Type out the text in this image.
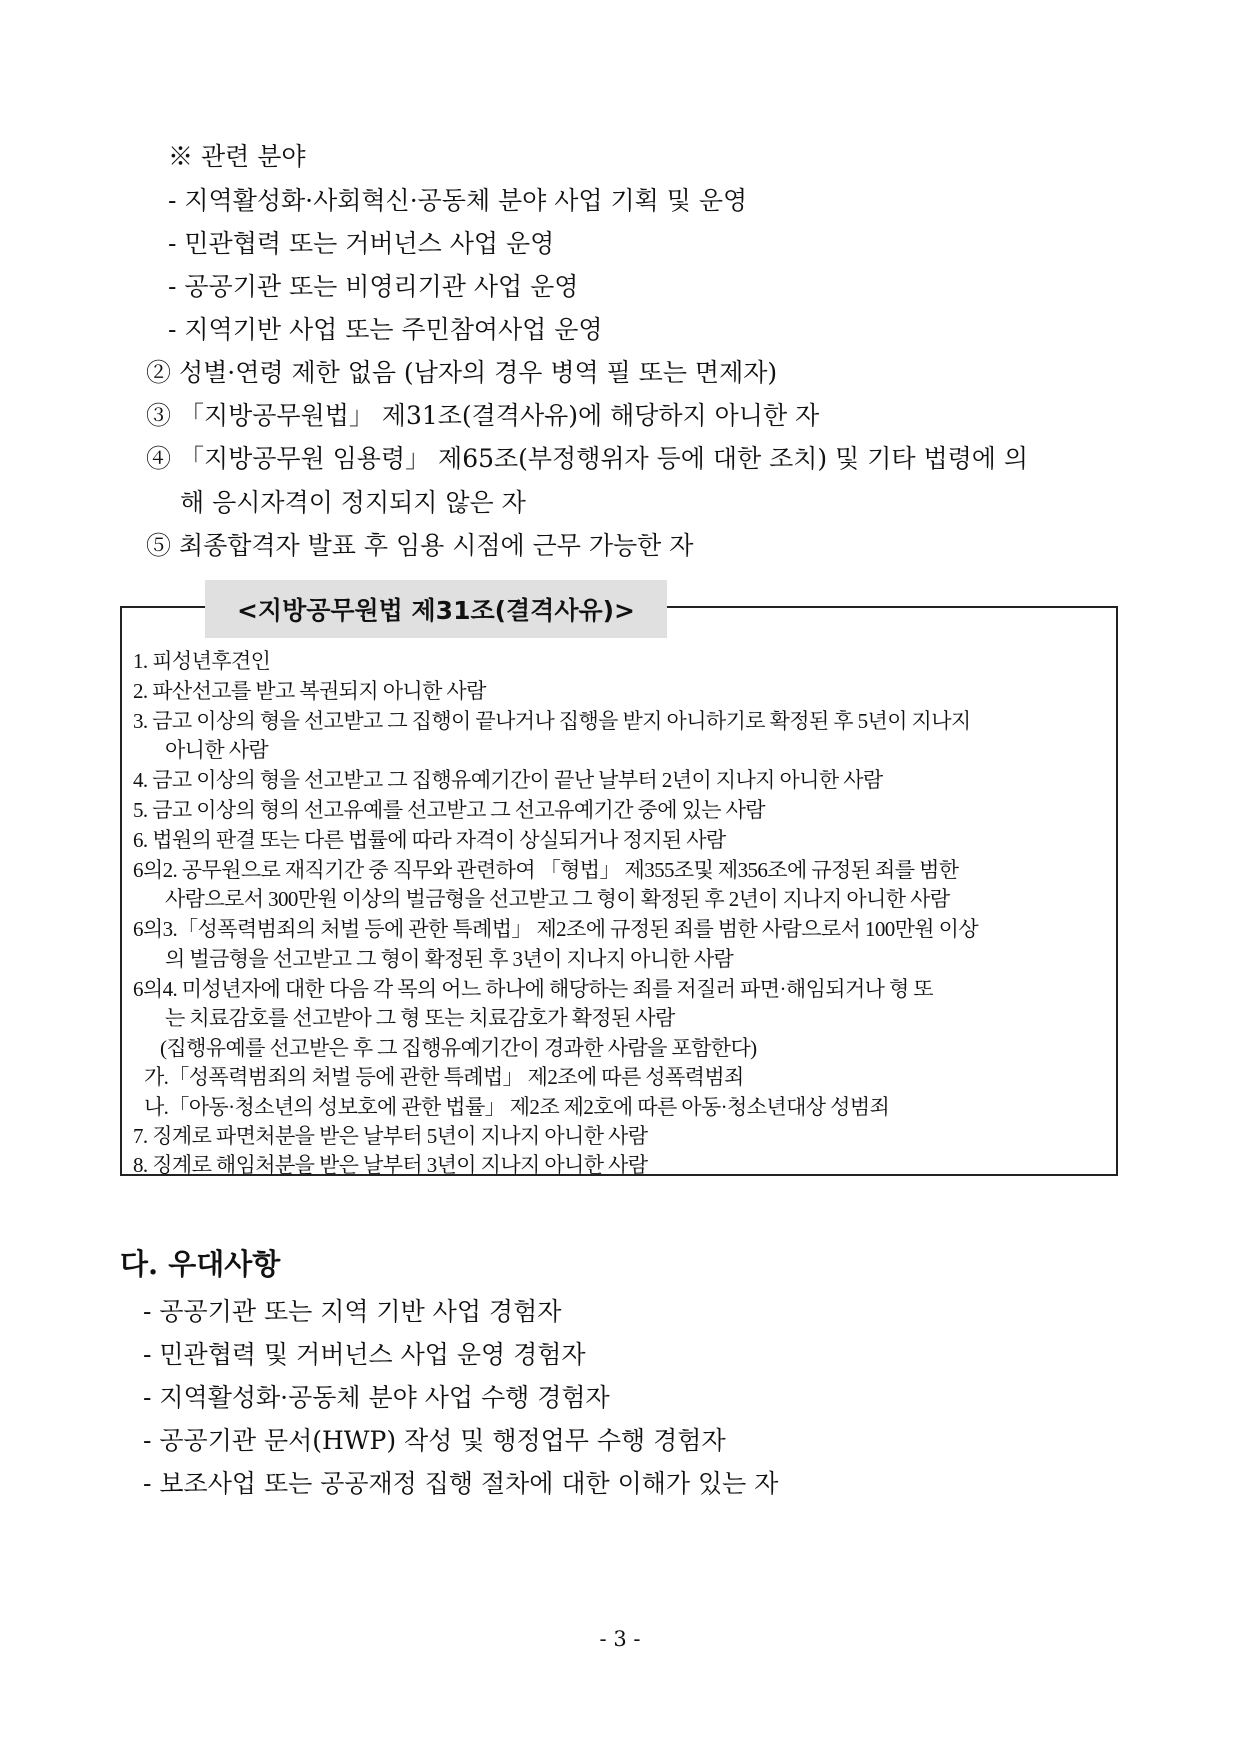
※ 관련 분야
- 지역활성화·사회혁신·공동체 분야 사업 기획 및 운영
- 민관협력 또는 거버넌스 사업 운영
- 공공기관 또는 비영리기관 사업 운영
- 지역기반 사업 또는 주민참여사업 운영
② 성별·연령 제한 없음 (남자의 경우 병역 필 또는 면제자)
③ 「지방공무원법」 제31조(결격사유)에 해당하지 아니한 자
④ 「지방공무원 임용령」 제65조(부정행위자 등에 대한 조치) 및 기타 법령에 의
해 응시자격이 정지되지 않은 자
⑤ 최종합격자 발표 후 임용 시점에 근무 가능한 자
<지방공무원법 제31조(결격사유)>
1. 피성년후견인
2. 파산선고를 받고 복권되지 아니한 사람
3. 금고 이상의 형을 선고받고 그 집행이 끝나거나 집행을 받지 아니하기로 확정된 후 5년이 지나지
아니한 사람
4. 금고 이상의 형을 선고받고 그 집행유예기간이 끝난 날부터 2년이 지나지 아니한 사람
5. 금고 이상의 형의 선고유예를 선고받고 그 선고유예기간 중에 있는 사람
6. 법원의 판결 또는 다른 법률에 따라 자격이 상실되거나 정지된 사람
6의2. 공무원으로 재직기간 중 직무와 관련하여 「형법」 제355조및 제356조에 규정된 죄를 범한
사람으로서 300만원 이상의 벌금형을 선고받고 그 형이 확정된 후 2년이 지나지 아니한 사람
6의3.「성폭력범죄의 처벌 등에 관한 특례법」 제2조에 규정된 죄를 범한 사람으로서 100만원 이상
의 벌금형을 선고받고 그 형이 확정된 후 3년이 지나지 아니한 사람
6의4. 미성년자에 대한 다음 각 목의 어느 하나에 해당하는 죄를 저질러 파면·해임되거나 형 또
는 치료감호를 선고받아 그 형 또는 치료감호가 확정된 사람
(집행유예를 선고받은 후 그 집행유예기간이 경과한 사람을 포함한다)
가.「성폭력범죄의 처벌 등에 관한 특례법」 제2조에 따른 성폭력범죄
나.「아동·청소년의 성보호에 관한 법률」 제2조 제2호에 따른 아동·청소년대상 성범죄
7. 징계로 파면처분을 받은 날부터 5년이 지나지 아니한 사람
8. 징계로 해임처분을 받은 날부터 3년이 지나지 아니한 사람
다. 우대사항
- 공공기관 또는 지역 기반 사업 경험자
- 민관협력 및 거버넌스 사업 운영 경험자
- 지역활성화·공동체 분야 사업 수행 경험자
- 공공기관 문서(HWP) 작성 및 행정업무 수행 경험자
- 보조사업 또는 공공재정 집행 절차에 대한 이해가 있는 자
- 3 -
